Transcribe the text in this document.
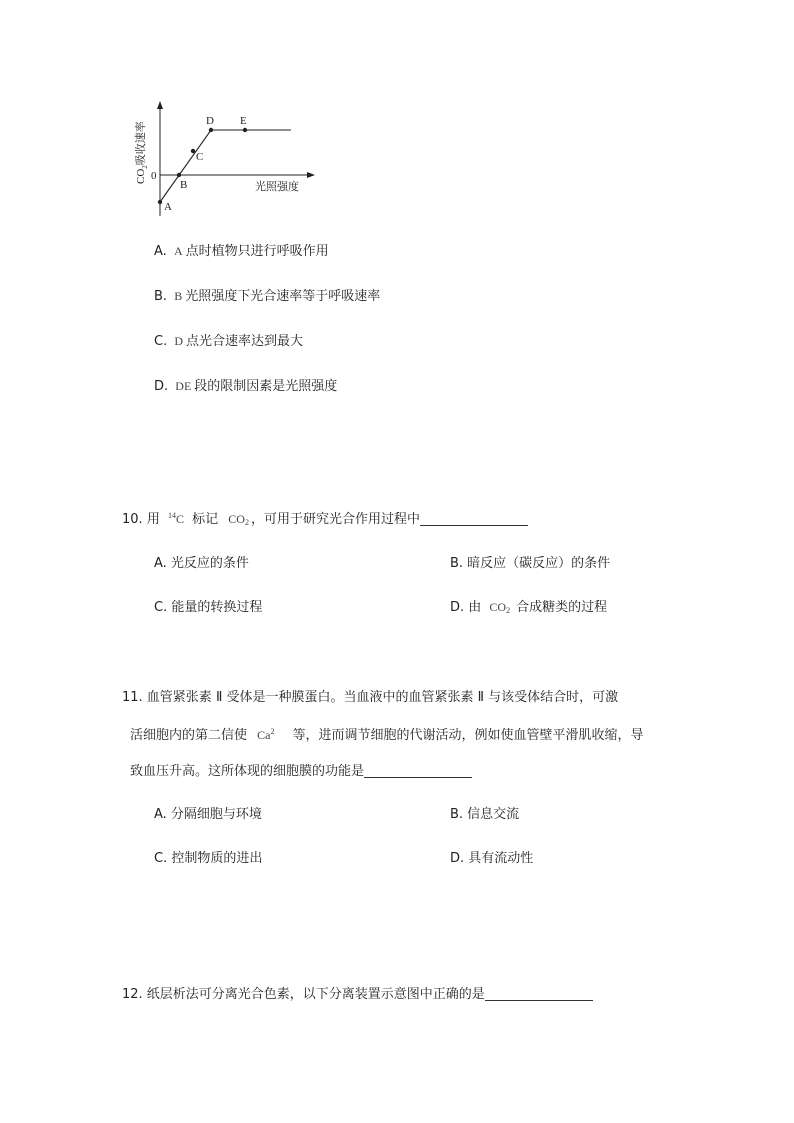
A
B
C
D E
0
光照强度
$CO_2$吸收速率
A. A 点时植物只进行呼吸作用
B. B 光照强度下光合速率等于呼吸速率
C. D 点光合速率达到最大
D. DE 段的限制因素是光照强度
10. 用 $^{14}$C 标记 $CO_2$ ，可用于研究光合作用过程中
A. 光反应的条件	B. 暗反应（碳反应）的条件
C. 能量的转换过程	D. 由 $CO_2$ 合成糖类的过程
11. 血管紧张素 Ⅱ 受体是一种膜蛋白。当血液中的血管紧张素 Ⅱ 与该受体结合时，可激
活细胞内的第二信使 Ca$^2$ 等，进而调节细胞的代谢活动，例如使血管壁平滑肌收缩，导
致血压升高。这所体现的细胞膜的功能是
A. 分隔细胞与环境	B. 信息交流
C. 控制物质的进出	D. 具有流动性
12. 纸层析法可分离光合色素，以下分离装置示意图中正确的是
